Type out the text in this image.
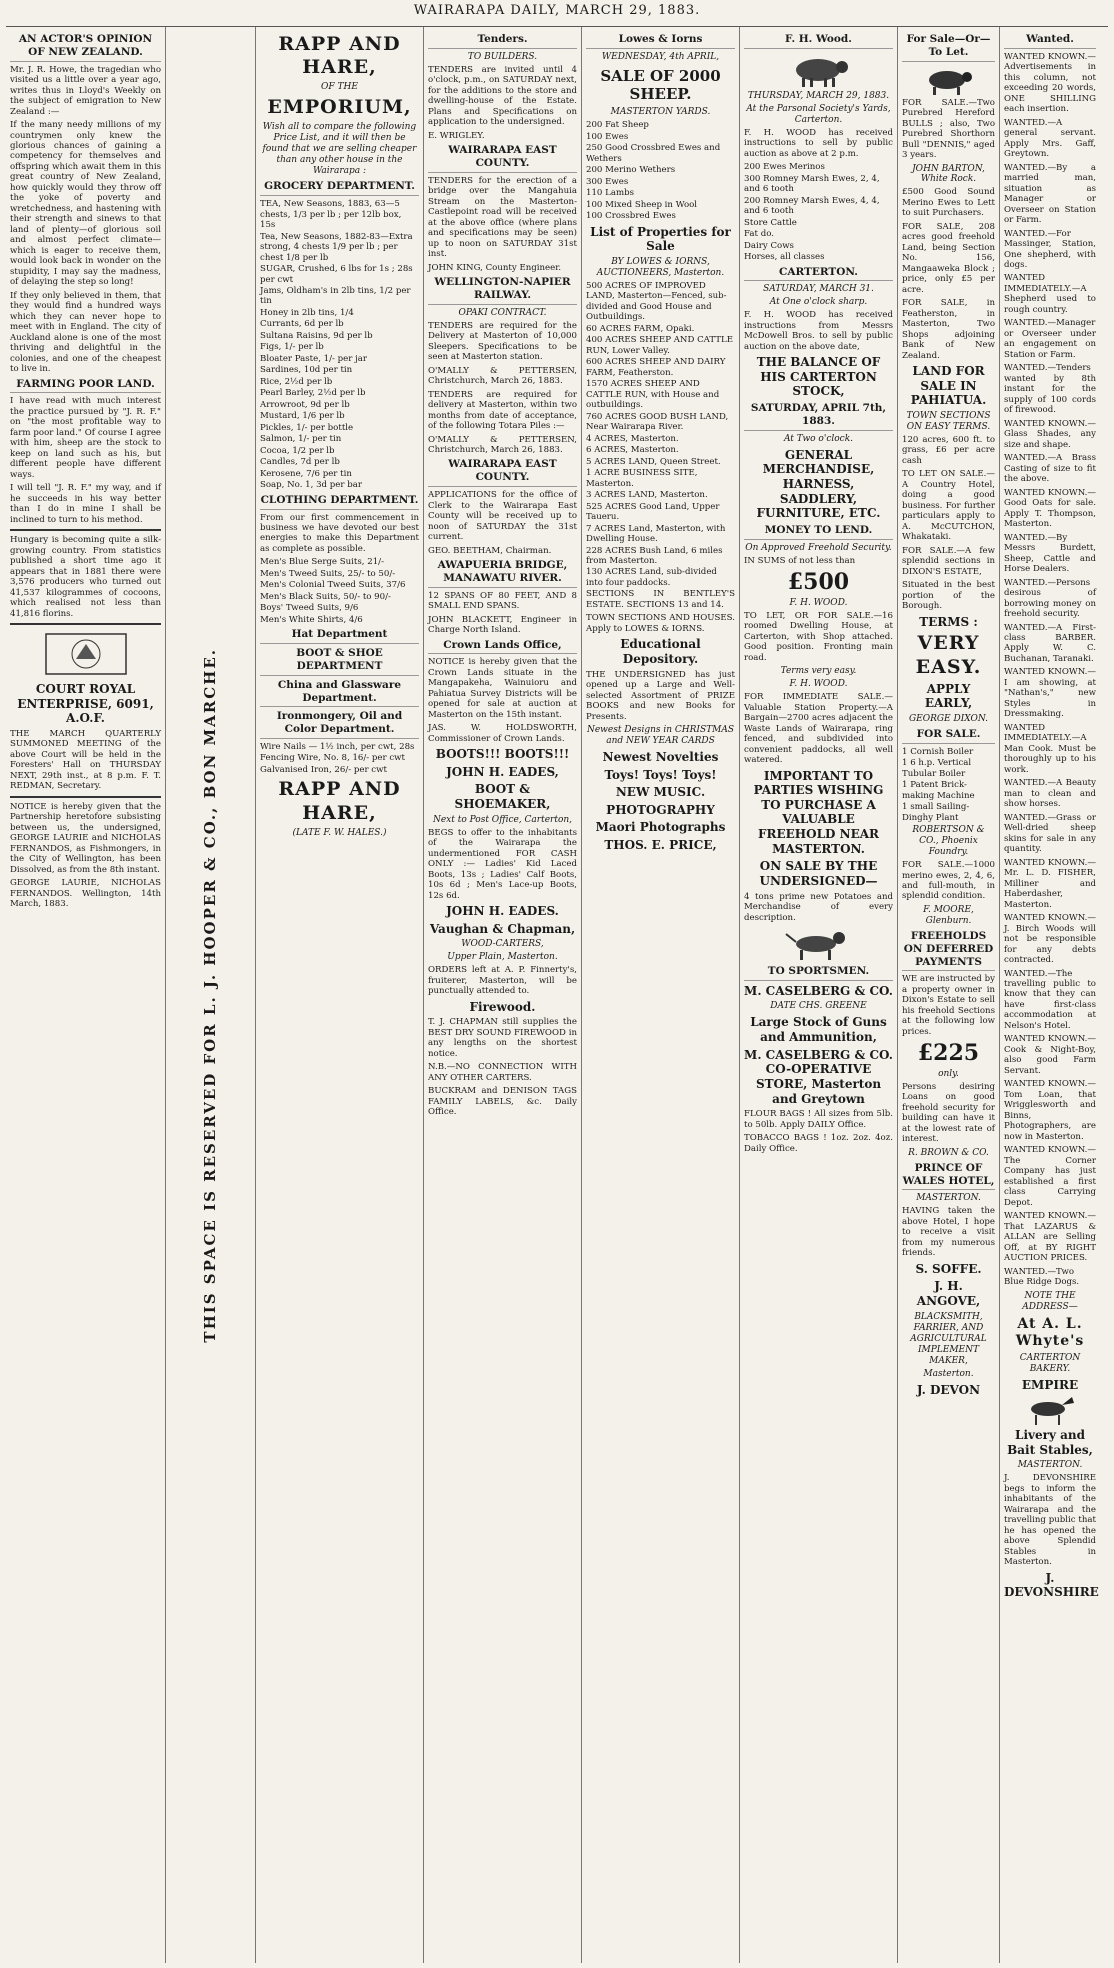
WAIRARAPA DAILY, MARCH 29, 1883.
AN ACTOR'S OPINION OF NEW ZEALAND.

Mr. J. R. Howe, the tragedian who visited us a little over a year ago, writes thus in Lloyd's Weekly on the subject of emigration to New Zealand :—

If the many needy millions of my countrymen only knew the glorious chances of gaining a competency for themselves and offspring which await them in this great country of New Zealand, how quickly would they throw off the yoke of poverty and wretchedness, and hastening with their strength and sinews to that land of plenty—of glorious soil and almost perfect climate—which is eager to receive them, would look back in wonder on the stupidity, I may say the madness, of delaying the step so long!

If they only believed in them, that they would find a hundred ways which they can never hope to meet with in England. The city of Auckland alone is one of the most thriving and delightful in the colonies, and one of the cheapest to live in.

FARMING POOR LAND.

I have read with much interest the practice pursued by "J. R. F." on "the most profitable way to farm poor land." Of course I agree with him, sheep are the stock to keep on land such as his, but different people have different ways.

I will tell "J. R. F." my way, and if he succeeds in his way better than I do in mine I shall be inclined to turn to his method.

Hungary is becoming quite a silk-growing country. From statistics published a short time ago it appears that in 1881 there were 3,576 producers who turned out 41,537 kilogrammes of cocoons, which realised not less than 41,816 florins.

COURT ROYAL ENTERPRISE, 6091, A.O.F.

THE MARCH QUARTERLY SUMMONED MEETING of the above Court will be held in the Foresters' Hall on THURSDAY NEXT, 29th inst., at 8 p.m. F. T. REDMAN, Secretary.

NOTICE is hereby given that the Partnership heretofore subsisting between us, the undersigned, GEORGE LAURIE and NICHOLAS FERNANDOS, as Fishmongers, in the City of Wellington, has been Dissolved, as from the 8th instant.

GEORGE LAURIE, NICHOLAS FERNANDOS. Wellington, 14th March, 1883.	THIS SPACE IS RESERVED FOR L. J. HOOPER & CO., BON MARCHE.
RAPP AND HARE,
OF THE
EMPORIUM,

Wish all to compare the following Price List, and it will then be found that we are selling cheaper than any other house in the Wairarapa :

GROCERY DEPARTMENT.
TEA, New Seasons, 1883, 63—5 chests, 1/3 per lb ; per 12lb box, 15s
Tea, New Seasons, 1882-83—Extra strong, 4 chests 1/9 per lb ; per chest 1/8 per lb
SUGAR, Crushed, 6 lbs for 1s ; 28s per cwt
Jams, Oldham's in 2lb tins, 1/2 per tin
Honey in 2lb tins, 1/4
Currants, 6d per lb
Sultana Raisins, 9d per lb
Figs, 1/- per lb
Bloater Paste, 1/- per jar
Sardines, 10d per tin
Rice, 2½d per lb
Pearl Barley, 2½d per lb
Arrowroot, 9d per lb
Mustard, 1/6 per lb
Pickles, 1/- per bottle
Salmon, 1/- per tin
Cocoa, 1/2 per lb
Candles, 7d per lb
Kerosene, 7/6 per tin
Soap, No. 1, 3d per bar
CLOTHING DEPARTMENT.

From our first commencement in business we have devoted our best energies to make this Department as complete as possible.

Men's Blue Serge Suits, 21/-
Men's Tweed Suits, 25/- to 50/-
Men's Colonial Tweed Suits, 37/6
Men's Black Suits, 50/- to 90/-
Boys' Tweed Suits, 9/6
Men's White Shirts, 4/6
Hat Department
BOOT & SHOE DEPARTMENT
China and Glassware Department.
Ironmongery, Oil and Color Department.
Wire Nails — 1½ inch, per cwt, 28s
Fencing Wire, No. 8, 16/- per cwt
Galvanised Iron, 26/- per cwt
RAPP AND HARE,
(LATE F. W. HALES.)
Tenders.
TO BUILDERS.

TENDERS are invited until 4 o'clock, p.m., on SATURDAY next, for the additions to the store and dwelling-house of the Estate. Plans and Specifications on application to the undersigned.

E. WRIGLEY.

WAIRARAPA EAST COUNTY.

TENDERS for the erection of a bridge over the Mangahuia Stream on the Masterton-Castlepoint road will be received at the above office (where plans and specifications may be seen) up to noon on SATURDAY 31st inst.

JOHN KING, County Engineer.

WELLINGTON-NAPIER RAILWAY.
OPAKI CONTRACT.

TENDERS are required for the Delivery at Masterton of 10,000 Sleepers. Specifications to be seen at Masterton station.

O'MALLY & PETTERSEN, Christchurch, March 26, 1883.

TENDERS are required for delivery at Masterton, within two months from date of acceptance, of the following Totara Piles :—

O'MALLY & PETTERSEN, Christchurch, March 26, 1883.

WAIRARAPA EAST COUNTY.

APPLICATIONS for the office of Clerk to the Wairarapa East County will be received up to noon of SATURDAY the 31st current.

GEO. BEETHAM, Chairman.

AWAPUERIA BRIDGE, MANAWATU RIVER.

12 SPANS OF 80 FEET, AND 8 SMALL END SPANS.

JOHN BLACKETT, Engineer in Charge North Island.

Crown Lands Office,

NOTICE is hereby given that the Crown Lands situate in the Mangapakeha, Wainuioru and Pahiatua Survey Districts will be opened for sale at auction at Masterton on the 15th instant.

JAS. W. HOLDSWORTH, Commissioner of Crown Lands.

BOOTS!!! BOOTS!!!
JOHN H. EADES,
BOOT & SHOEMAKER,
Next to Post Office, Carterton,

BEGS to offer to the inhabitants of the Wairarapa the undermentioned FOR CASH ONLY :— Ladies' Kid Laced Boots, 13s ; Ladies' Calf Boots, 10s 6d ; Men's Lace-up Boots, 12s 6d.

JOHN H. EADES.
Vaughan & Chapman,
WOOD-CARTERS,
Upper Plain, Masterton.

ORDERS left at A. P. Finnerty's, fruiterer, Masterton, will be punctually attended to.

Firewood.

T. J. CHAPMAN still supplies the BEST DRY SOUND FIREWOOD in any lengths on the shortest notice.

N.B.—NO CONNECTION WITH ANY OTHER CARTERS.

BUCKRAM and DENISON TAGS FAMILY LABELS, &c. Daily Office.

Lowes & Iorns
WEDNESDAY, 4th APRIL,
SALE OF 2000 SHEEP.
MASTERTON YARDS.
200 Fat Sheep
100 Ewes
250 Good Crossbred Ewes and Wethers
200 Merino Wethers
300 Ewes
110 Lambs
100 Mixed Sheep in Wool
100 Crossbred Ewes
List of Properties for Sale
BY LOWES & IORNS, AUCTIONEERS, Masterton.
500 ACRES OF IMPROVED LAND, Masterton—Fenced, sub-divided and Good House and Outbuildings.
60 ACRES FARM, Opaki.
400 ACRES SHEEP AND CATTLE RUN, Lower Valley.
600 ACRES SHEEP AND DAIRY FARM, Featherston.
1570 ACRES SHEEP AND CATTLE RUN, with House and outbuildings.
760 ACRES GOOD BUSH LAND, Near Wairarapa River.
4 ACRES, Masterton.
6 ACRES, Masterton.
5 ACRES LAND, Queen Street.
1 ACRE BUSINESS SITE, Masterton.
3 ACRES LAND, Masterton.
525 ACRES Good Land, Upper Taueru.
7 ACRES Land, Masterton, with Dwelling House.
228 ACRES Bush Land, 6 miles from Masterton.
130 ACRES Land, sub-divided into four paddocks.

SECTIONS IN BENTLEY'S ESTATE. SECTIONS 13 and 14.

TOWN SECTIONS AND HOUSES. Apply to LOWES & IORNS.

Educational Depository.

THE UNDERSIGNED has just opened up a Large and Well-selected Assortment of PRIZE BOOKS and new Books for Presents.

Newest Designs in CHRISTMAS and NEW YEAR CARDS
Newest Novelties
Toys! Toys! Toys!
NEW MUSIC.
PHOTOGRAPHY
Maori Photographs
THOS. E. PRICE,
F. H. Wood.
THURSDAY, MARCH 29, 1883.
At the Parsonal Society's Yards, Carterton.

F. H. WOOD has received instructions to sell by public auction as above at 2 p.m.

200 Ewes Merinos
300 Romney Marsh Ewes, 2, 4, and 6 tooth
200 Romney Marsh Ewes, 4, 4, and 6 tooth
Store Cattle
Fat do.
Dairy Cows
Horses, all classes
CARTERTON.
SATURDAY, MARCH 31.
At One o'clock sharp.

F. H. WOOD has received instructions from Messrs McDowell Bros. to sell by public auction on the above date,

THE BALANCE OF HIS CARTERTON STOCK,
SATURDAY, APRIL 7th, 1883.
At Two o'clock.
GENERAL MERCHANDISE, HARNESS, SADDLERY, FURNITURE, ETC.
MONEY TO LEND.
On Approved Freehold Security.

IN SUMS of not less than

£500
F. H. WOOD.

TO LET, OR FOR SALE.—16 roomed Dwelling House, at Carterton, with Shop attached. Good position. Fronting main road.

Terms very easy.
F. H. WOOD.

FOR IMMEDIATE SALE.—Valuable Station Property.—A Bargain—2700 acres adjacent the Waste Lands of Wairarapa, ring fenced, and subdivided into convenient paddocks, all well watered.

IMPORTANT TO PARTIES WISHING TO PURCHASE A VALUABLE FREEHOLD NEAR MASTERTON.
ON SALE BY THE UNDERSIGNED—

4 tons prime new Potatoes and Merchandise of every description.

TO SPORTSMEN.
M. CASELBERG & CO.
DATE CHS. GREENE
Large Stock of Guns and Ammunition,
M. CASELBERG & CO. CO-OPERATIVE STORE, Masterton and Greytown

FLOUR BAGS ! All sizes from 5lb. to 50lb. Apply DAILY Office.

TOBACCO BAGS ! 1oz. 2oz. 4oz. Daily Office.

For Sale—Or—To Let.

FOR SALE.—Two Purebred Hereford BULLS ; also, Two Purebred Shorthorn Bull "DENNIS," aged 3 years.

JOHN BARTON, White Rock.

£500 Good Sound Merino Ewes to Lett to suit Purchasers.

FOR SALE, 208 acres good freehold Land, being Section No. 156, Mangaaweka Block ; price, only £5 per acre.

FOR SALE, in Featherston, in Masterton, Two Shops adjoining Bank of New Zealand.

LAND FOR SALE IN PAHIATUA.
TOWN SECTIONS ON EASY TERMS.

120 acres, 600 ft. to grass, £6 per acre cash

TO LET ON SALE.—A Country Hotel, doing a good business. For further particulars apply to A. McCUTCHON, Whakataki.

FOR SALE.—A few splendid sections in DIXON'S ESTATE,

Situated in the best portion of the Borough.

TERMS :
VERY EASY.
APPLY EARLY,
GEORGE DIXON.
FOR SALE.
1 Cornish Boiler
1 6 h.p. Vertical Tubular Boiler
1 Patent Brick-making Machine
1 small Sailing-Dinghy Plant
ROBERTSON & CO., Phoenix Foundry.

FOR SALE.—1000 merino ewes, 2, 4, 6, and full-mouth, in splendid condition.

F. MOORE, Glenburn.
FREEHOLDS ON DEFERRED PAYMENTS

WE are instructed by a property owner in Dixon's Estate to sell his freehold Sections at the following low prices.

£225
only.

Persons desiring Loans on good freehold security for building can have it at the lowest rate of interest.

R. BROWN & CO.
PRINCE OF WALES HOTEL,
MASTERTON.

HAVING taken the above Hotel, I hope to receive a visit from my numerous friends.

S. SOFFE.
J. H. ANGOVE,
BLACKSMITH, FARRIER, AND AGRICULTURAL IMPLEMENT MAKER,
Masterton.
J. DEVON
Wanted.

WANTED KNOWN.—Advertisements in this column, not exceeding 20 words, ONE SHILLING each insertion.

WANTED.—A general servant. Apply Mrs. Gaff, Greytown.

WANTED.—By a married man, situation as Manager or Overseer on Station or Farm.

WANTED.—For Massinger, Station, One shepherd, with dogs.

WANTED IMMEDIATELY.—A Shepherd used to rough country.

WANTED.—Manager or Overseer under an engagement on Station or Farm.

WANTED.—Tenders wanted by 8th instant for the supply of 100 cords of firewood.

WANTED KNOWN.—Glass Shades, any size and shape.

WANTED.—A Brass Casting of size to fit the above.

WANTED KNOWN.—Good Oats for sale. Apply T. Thompson, Masterton.

WANTED.—By Messrs Burdett, Sheep, Cattle and Horse Dealers.

WANTED.—Persons desirous of borrowing money on freehold security.

WANTED.—A First-class BARBER. Apply W. C. Buchanan, Taranaki.

WANTED KNOWN.—I am showing, at "Nathan's," new Styles in Dressmaking.

WANTED IMMEDIATELY.—A Man Cook. Must be thoroughly up to his work.

WANTED.—A Beauty man to clean and show horses.

WANTED.—Grass or Well-dried sheep skins for sale in any quantity.

WANTED KNOWN.—Mr. L. D. FISHER, Milliner and Haberdasher, Masterton.

WANTED KNOWN.—J. Birch Woods will not be responsible for any debts contracted.

WANTED.—The travelling public to know that they can have first-class accommodation at Nelson's Hotel.

WANTED KNOWN.—Cook & Night-Boy, also good Farm Servant.

WANTED KNOWN.—Tom Loan, that Wrigglesworth and Binns, Photographers, are now in Masterton.

WANTED KNOWN.—The Corner Company has just established a first class Carrying Depot.

WANTED KNOWN.—That LAZARUS & ALLAN are Selling Off, at BY RIGHT AUCTION PRICES.

WANTED.—Two Blue Ridge Dogs.

NOTE THE ADDRESS—
At A. L. Whyte's
CARTERTON BAKERY.
EMPIRE
Livery and Bait Stables,
MASTERTON.

J. DEVONSHIRE begs to inform the inhabitants of the Wairarapa and the travelling public that he has opened the above Splendid Stables in Masterton.

J. DEVONSHIRE
